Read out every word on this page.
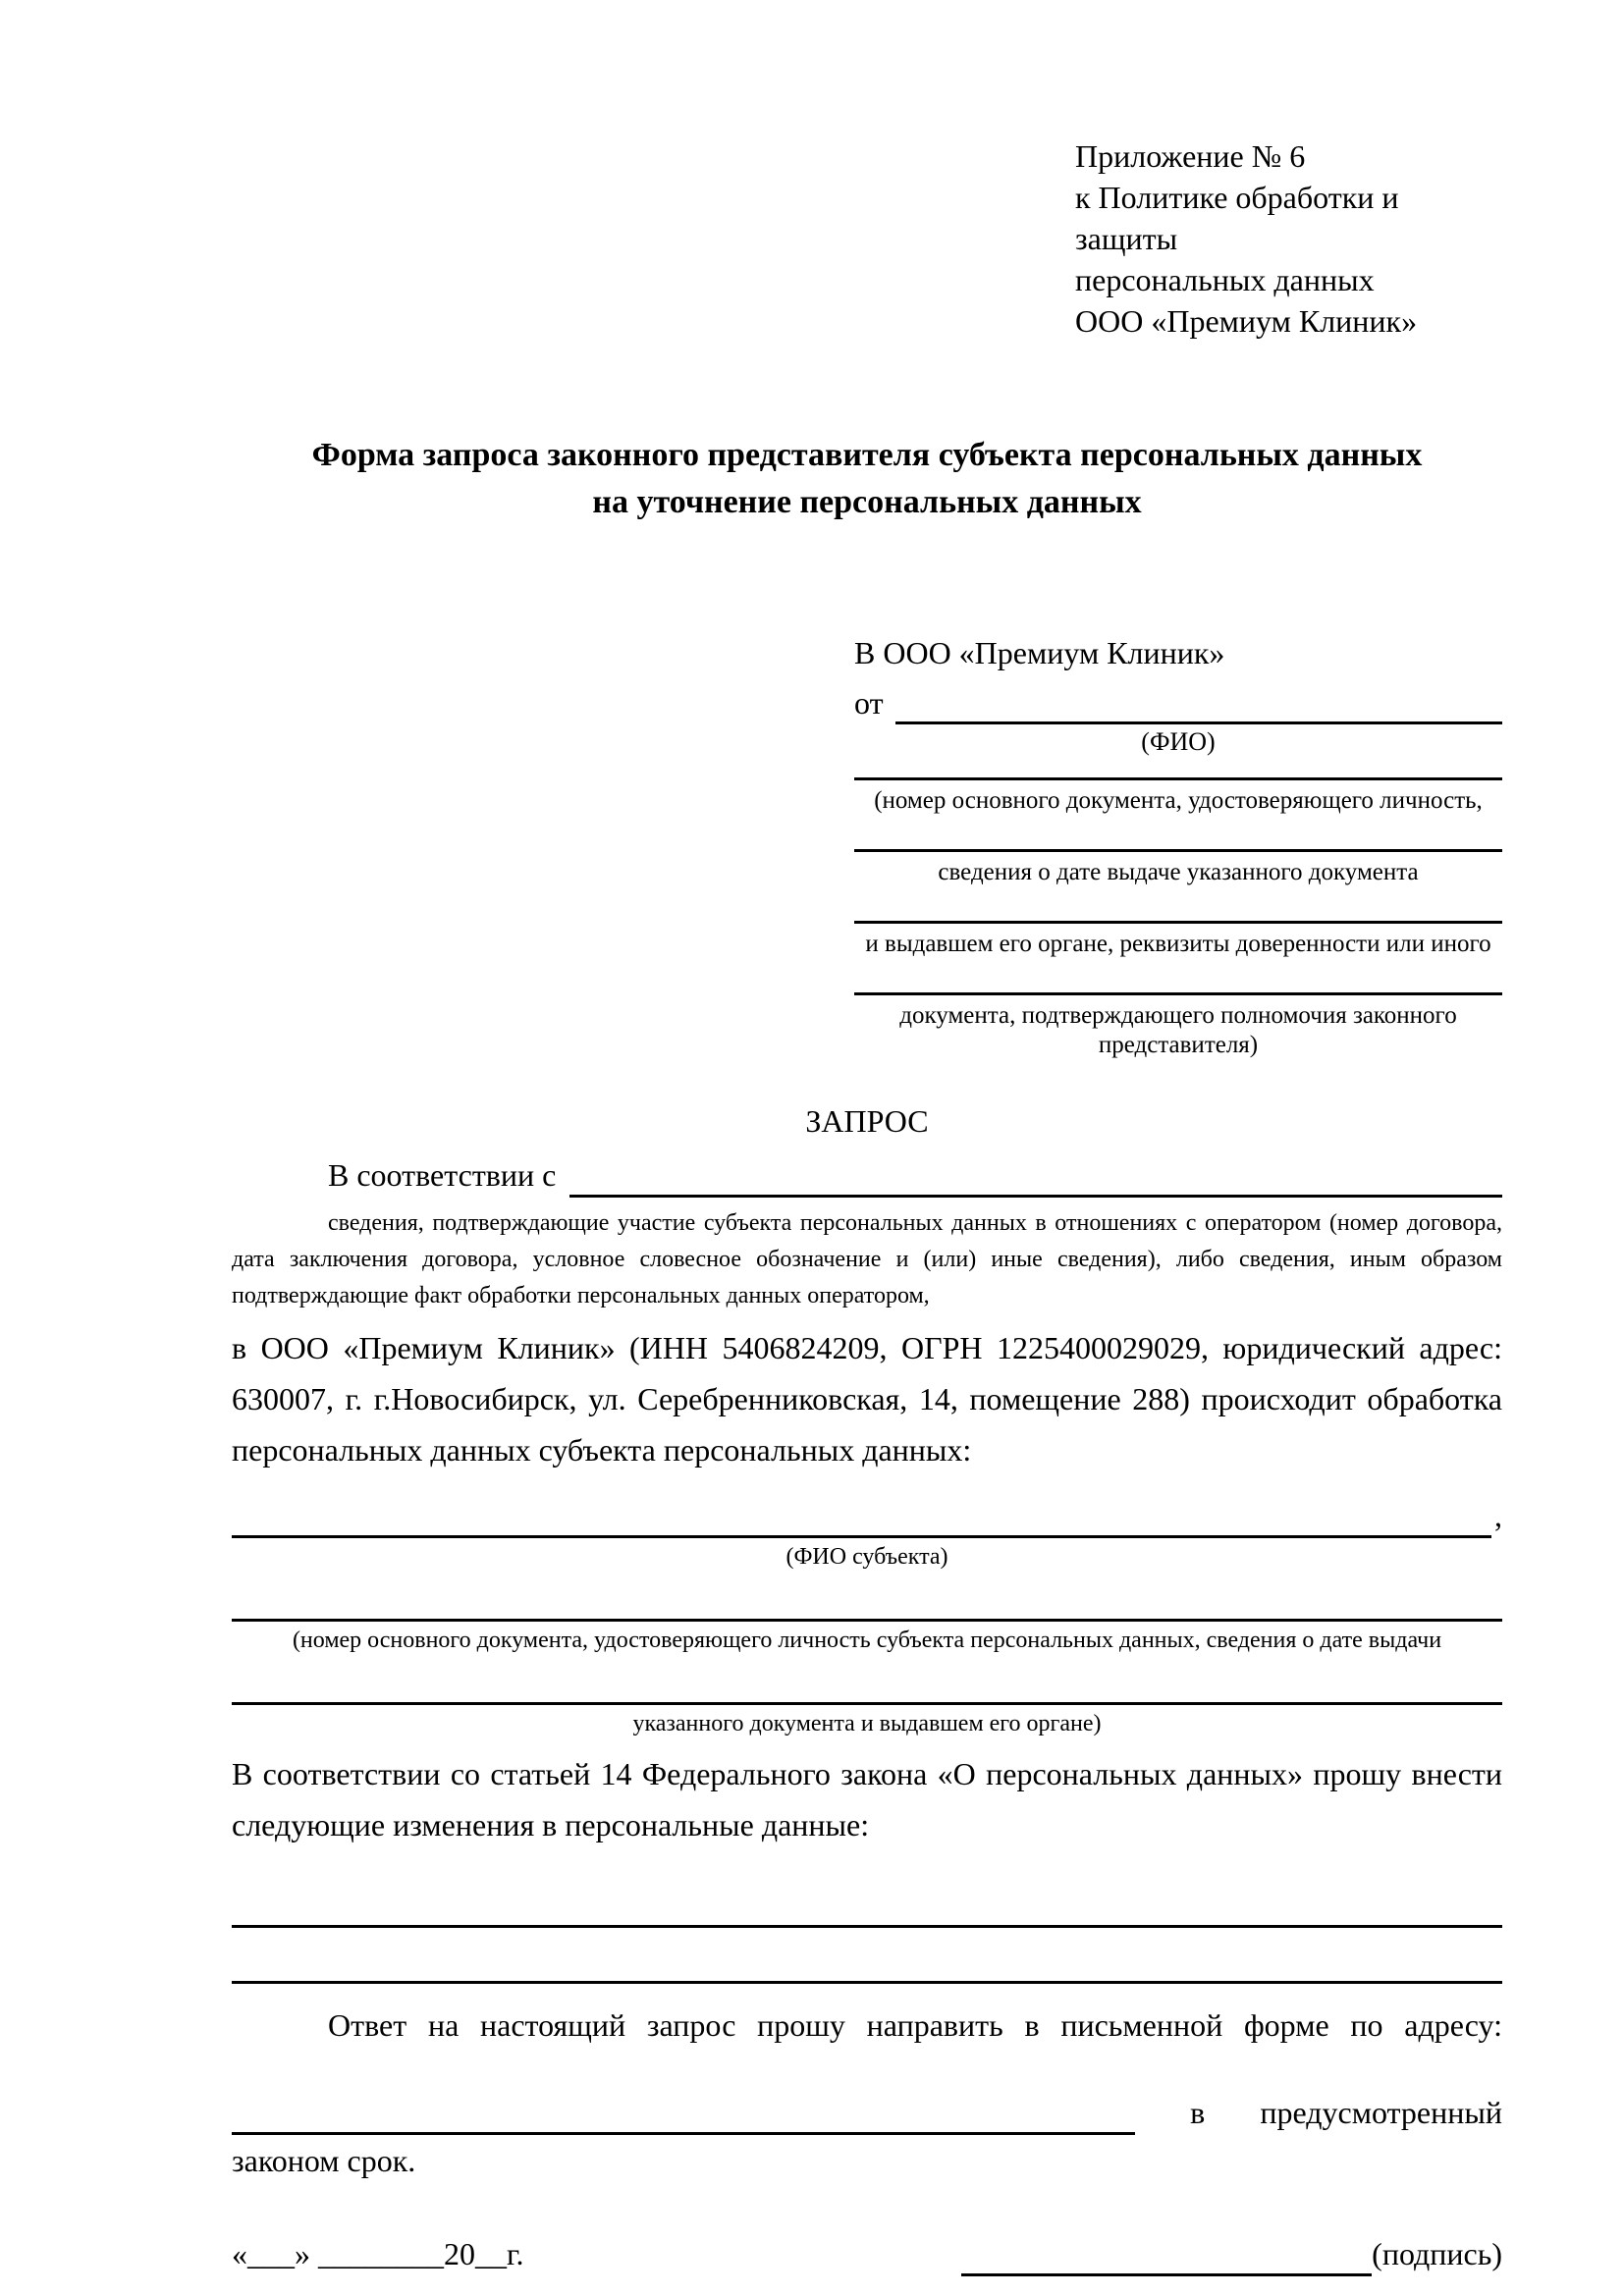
Приложение № 6
к Политике обработки и защиты
персональных данных
ООО «Премиум Клиник»
Форма запроса законного представителя субъекта персональных данных
на уточнение персональных данных
В ООО «Премиум Клиник»
от
(ФИО)
(номер основного документа, удостоверяющего личность,
сведения о дате выдаче указанного документа
и выдавшем его органе, реквизиты доверенности или иного
документа, подтверждающего полномочия законного представителя)
ЗАПРОС
В соответствии с

сведения, подтверждающие участие субъекта персональных данных в отношениях с оператором (номер договора, дата заключения договора, условное словесное обозначение и (или) иные сведения), либо сведения, иным образом подтверждающие факт обработки персональных данных оператором,

в ООО «Премиум Клиник» (ИНН 5406824209, ОГРН 1225400029029, юридический адрес: 630007, г. г.Новосибирск, ул. Серебренниковская, 14, помещение 288) происходит обработка персональных данных субъекта персональных данных:

,
(ФИО субъекта)
(номер основного документа, удостоверяющего личность субъекта персональных данных, сведения о дате выдачи
указанного документа и выдавшем его органе)

В соответствии со статьей 14 Федерального закона «О персональных данных» прошу внести следующие изменения в персональные данные:

Ответ на настоящий запрос прошу направить в письменной форме по адресу:

в предусмотренный
законом срок.
«___» ________20__г.	(подпись)
